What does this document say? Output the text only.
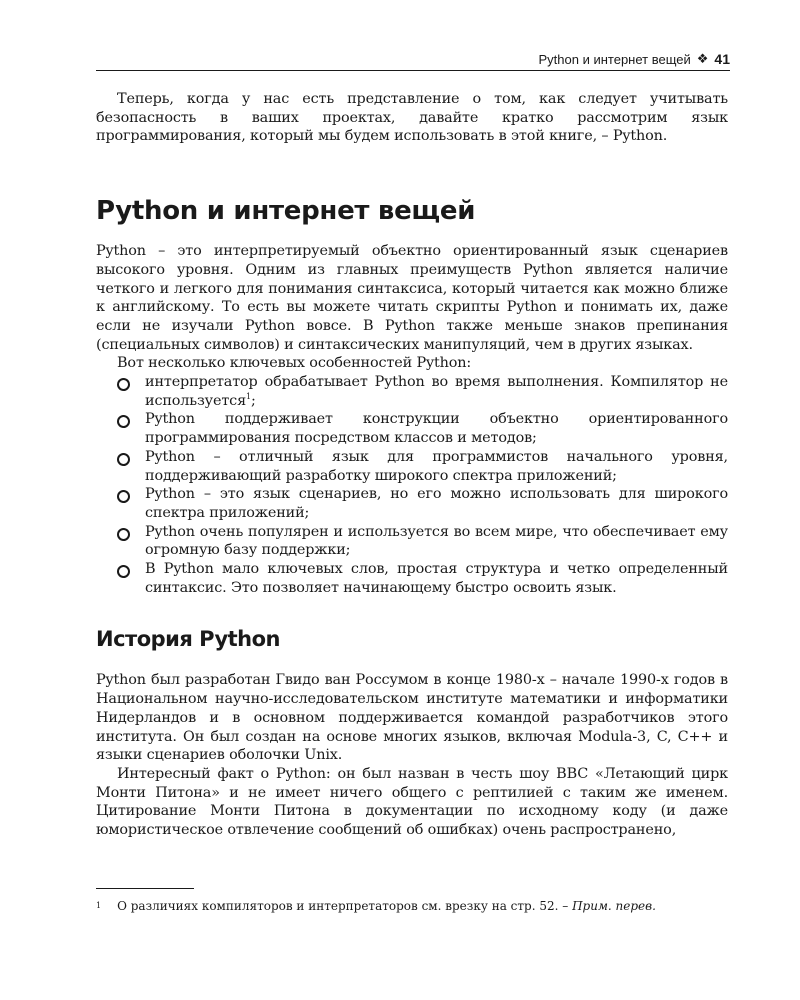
Python и интернет вещей ❖ 41

Теперь, когда у нас есть представление о том, как следует учитывать безопасность в ваших проектах, давайте кратко рассмотрим язык программирования, который мы будем использовать в этой книге, – Python.

Python и интернет вещей

Python – это интерпретируемый объектно ориентированный язык сценариев высокого уровня. Одним из главных преимуществ Python является наличие четкого и легкого для понимания синтаксиса, который читается как можно ближе к английскому. То есть вы можете читать скрипты Python и понимать их, даже если не изучали Python вовсе. В Python также меньше знаков препинания (специальных символов) и синтаксических манипуляций, чем в других языках.

Вот несколько ключевых особенностей Python:

интерпретатор обрабатывает Python во время выполнения. Компилятор не используется$^1$;
Python поддерживает конструкции объектно ориентированного программирования посредством классов и методов;
Python – отличный язык для программистов начального уровня, поддерживающий разработку широкого спектра приложений;
Python – это язык сценариев, но его можно использовать для широкого спектра приложений;
Python очень популярен и используется во всем мире, что обеспечивает ему огромную базу поддержки;
В Python мало ключевых слов, простая структура и четко определенный синтаксис. Это позволяет начинающему быстро освоить язык.
История Python

Python был разработан Гвидо ван Россумом в конце 1980-х – начале 1990-х годов в Национальном научно-исследовательском институте математики и информатики Нидерландов и в основном поддерживается командой разработчиков этого института. Он был создан на основе многих языков, включая Modula-3, C, C++ и языки сценариев оболочки Unix.

Интересный факт о Python: он был назван в честь шоу BBC «Летающий цирк Монти Питона» и не имеет ничего общего с рептилией с таким же именем. Цитирование Монти Питона в документации по исходному коду (и даже юмористическое отвлечение сообщений об ошибках) очень распространено,

$^1$ О различиях компиляторов и интерпретаторов см. врезку на стр. 52. – Прим. перев.
